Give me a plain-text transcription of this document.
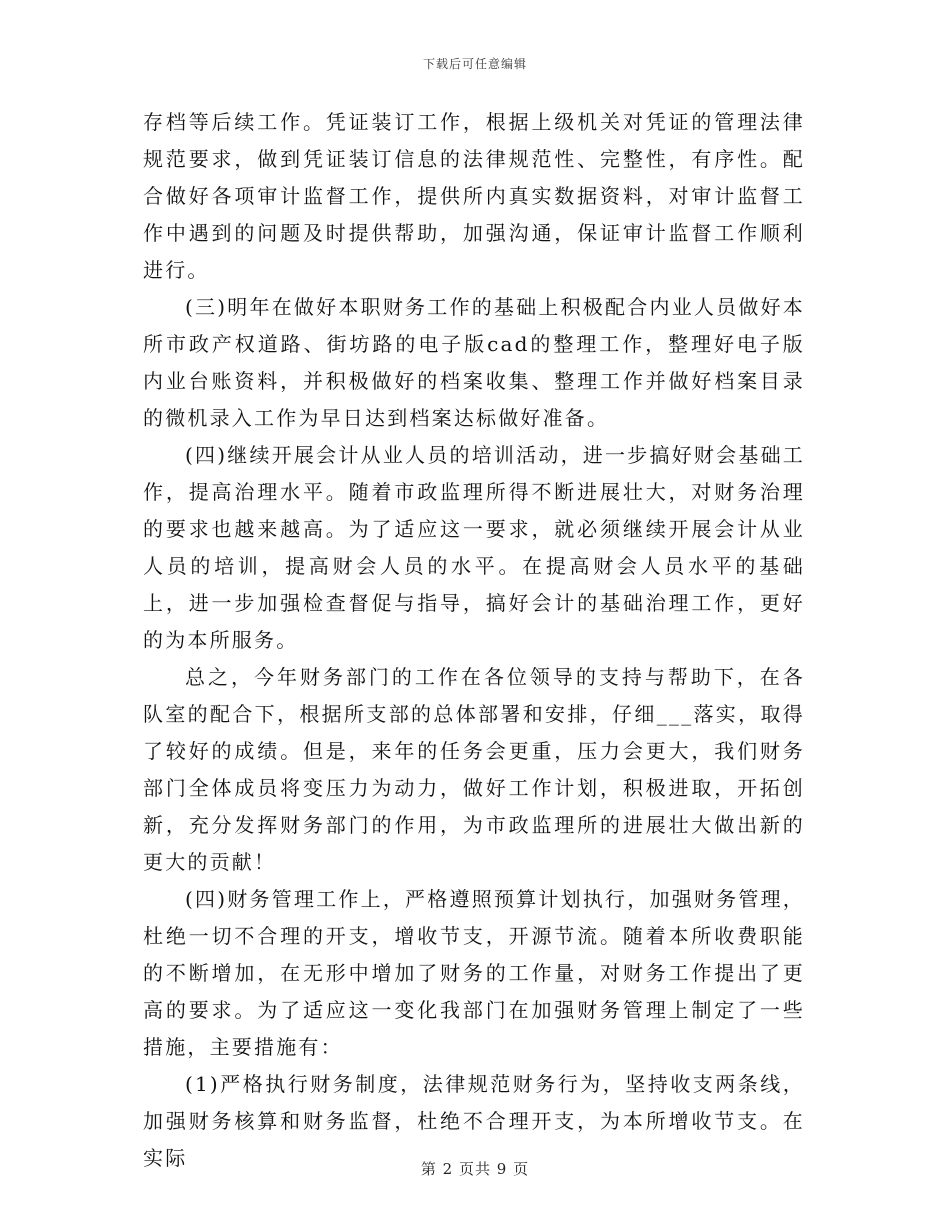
下载后可任意编辑

存档等后续工作。凭证装订工作，根据上级机关对凭证的管理法律规范要求，做到凭证装订信息的法律规范性、完整性，有序性。配合做好各项审计监督工作，提供所内真实数据资料，对审计监督工作中遇到的问题及时提供帮助，加强沟通，保证审计监督工作顺利进行。

(三)明年在做好本职财务工作的基础上积极配合内业人员做好本所市政产权道路、街坊路的电子版cad的整理工作，整理好电子版内业台账资料，并积极做好的档案收集、整理工作并做好档案目录的微机录入工作为早日达到档案达标做好准备。

(四)继续开展会计从业人员的培训活动，进一步搞好财会基础工作，提高治理水平。随着市政监理所得不断进展壮大，对财务治理的要求也越来越高。为了适应这一要求，就必须继续开展会计从业人员的培训，提高财会人员的水平。在提高财会人员水平的基础上，进一步加强检查督促与指导，搞好会计的基础治理工作，更好的为本所服务。

总之，今年财务部门的工作在各位领导的支持与帮助下，在各队室的配合下，根据所支部的总体部署和安排，仔细___落实，取得了较好的成绩。但是，来年的任务会更重，压力会更大，我们财务部门全体成员将变压力为动力，做好工作计划，积极进取，开拓创新，充分发挥财务部门的作用，为市政监理所的进展壮大做出新的更大的贡献！

(四)财务管理工作上，严格遵照预算计划执行，加强财务管理，杜绝一切不合理的开支，增收节支，开源节流。随着本所收费职能的不断增加，在无形中增加了财务的工作量，对财务工作提出了更高的要求。为了适应这一变化我部门在加强财务管理上制定了一些措施，主要措施有：

(1)严格执行财务制度，法律规范财务行为，坚持收支两条线，加强财务核算和财务监督，杜绝不合理开支，为本所增收节支。在实际	第 2 页共 9 页
